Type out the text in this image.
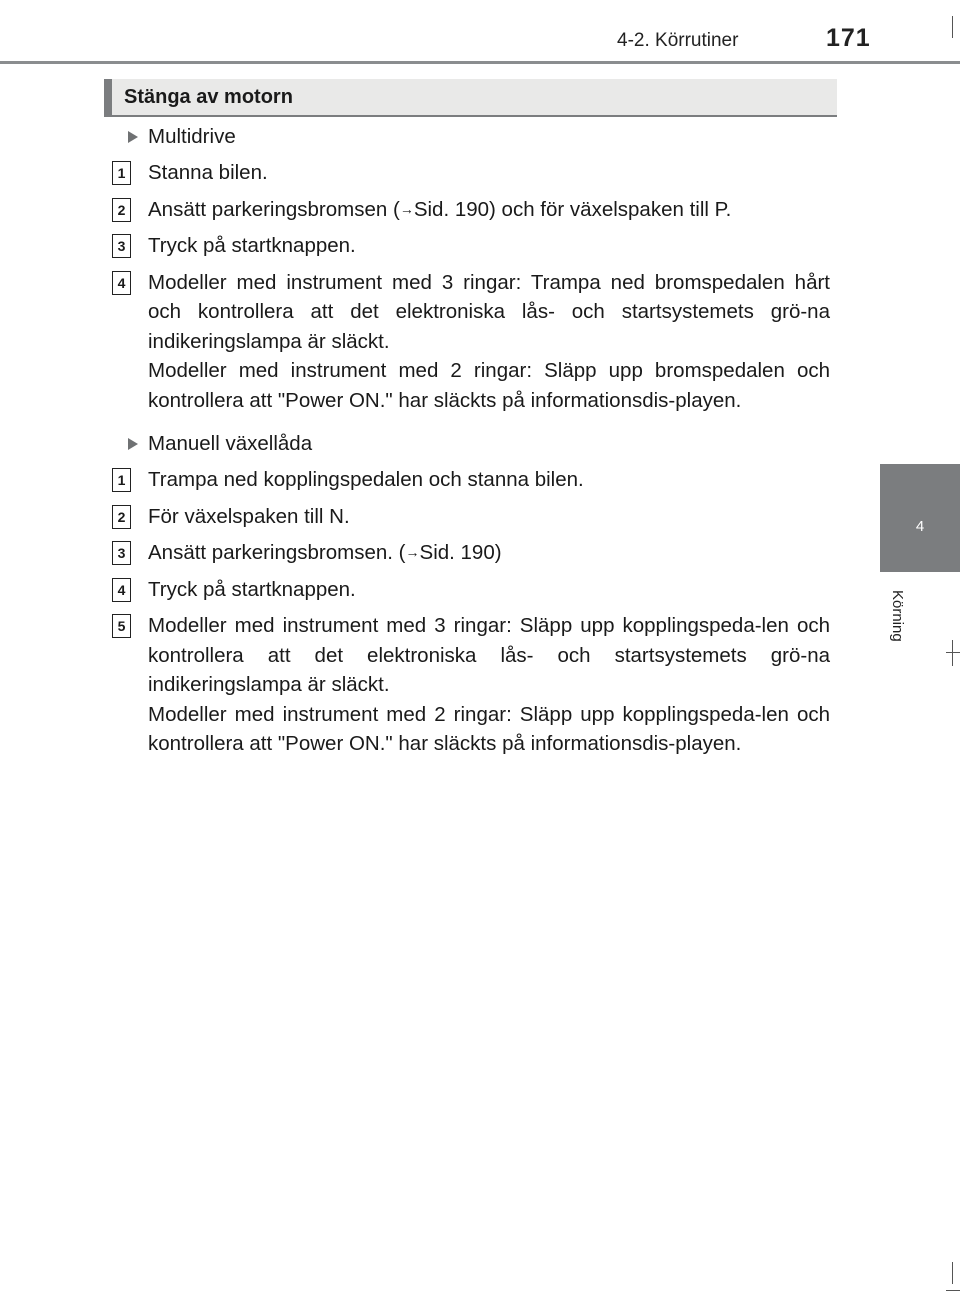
4-2. Körrutiner	171
4
Körning
Stänga av motorn
Multidrive
1 Stanna bilen.

2 Ansätt parkeringsbromsen (→Sid. 190) och för växelspaken till P.

3 Tryck på startknappen.

4 Modeller med instrument med 3 ringar: Trampa ned bromspedalen hårt och kontrollera att det elektroniska lås- och startsystemets grö-na indikeringslampa är släckt.

Modeller med instrument med 2 ringar: Släpp upp bromspedalen och kontrollera att "Power ON." har släckts på informationsdis-playen.

Manuell växellåda
1 Trampa ned kopplingspedalen och stanna bilen.

2 För växelspaken till N.

3 Ansätt parkeringsbromsen. (→Sid. 190)

4 Tryck på startknappen.

5 Modeller med instrument med 3 ringar: Släpp upp kopplingspeda-len och kontrollera att det elektroniska lås- och startsystemets grö-na indikeringslampa är släckt.

Modeller med instrument med 2 ringar: Släpp upp kopplingspeda-len och kontrollera att "Power ON." har släckts på informationsdis-playen.
